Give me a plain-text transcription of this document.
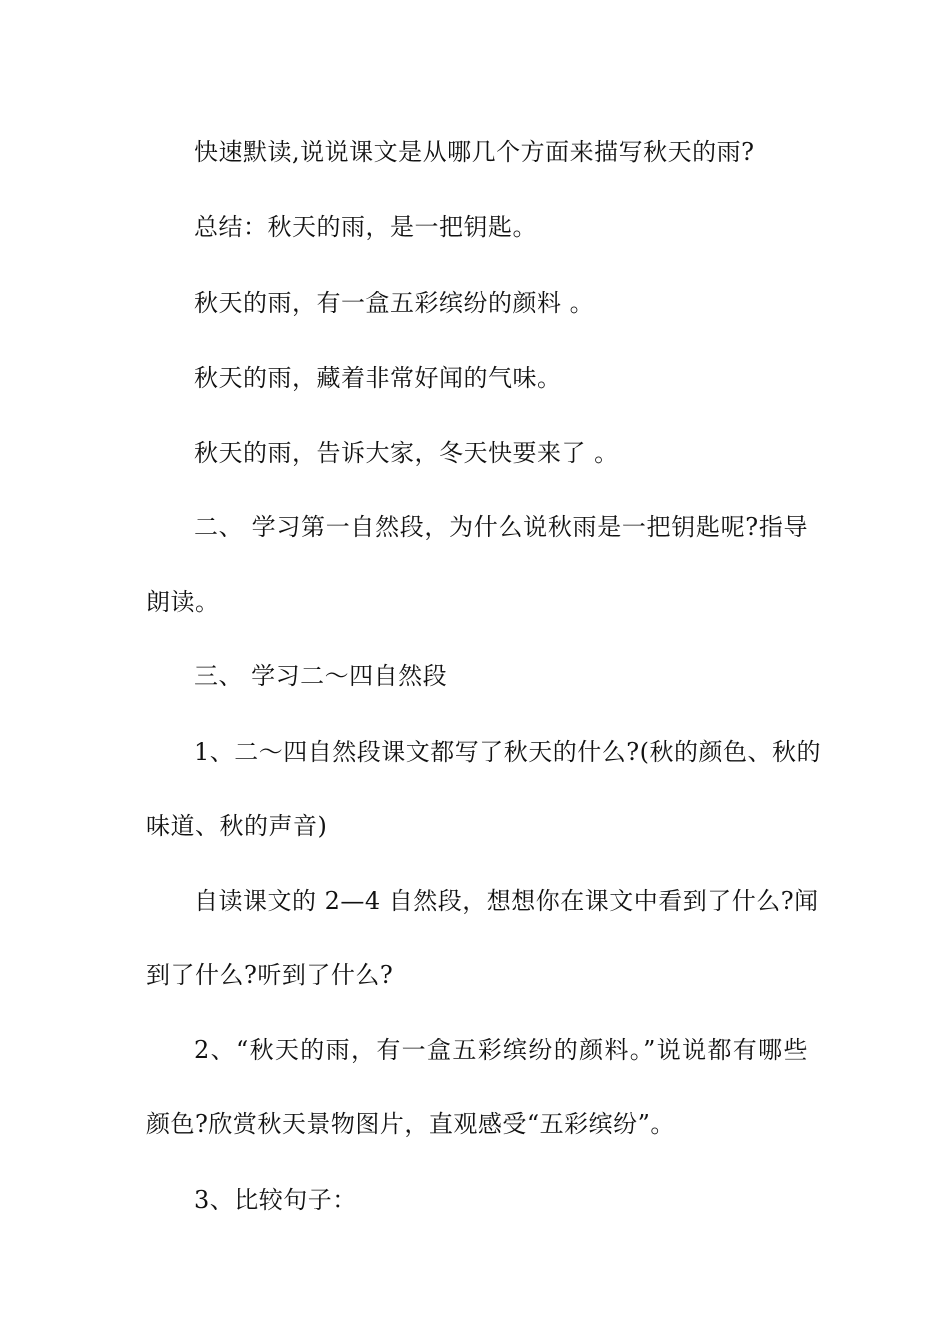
快速默读,说说课文是从哪几个方面来描写秋天的雨?
总结：秋天的雨，是一把钥匙。
秋天的雨，有一盒五彩缤纷的颜料 。
秋天的雨，藏着非常好闻的气味。
秋天的雨，告诉大家，冬天快要来了 。
二、 学习第一自然段，为什么说秋雨是一把钥匙呢?指导
朗读。
三、 学习二～四自然段
1、二～四自然段课文都写了秋天的什么?(秋的颜色、秋的
味道、秋的声音)
自读课文的 2—4 自然段，想想你在课文中看到了什么?闻
到了什么?听到了什么?
2、“秋天的雨，有一盒五彩缤纷的颜料。”说说都有哪些
颜色?欣赏秋天景物图片，直观感受“五彩缤纷”。
3、比较句子：
